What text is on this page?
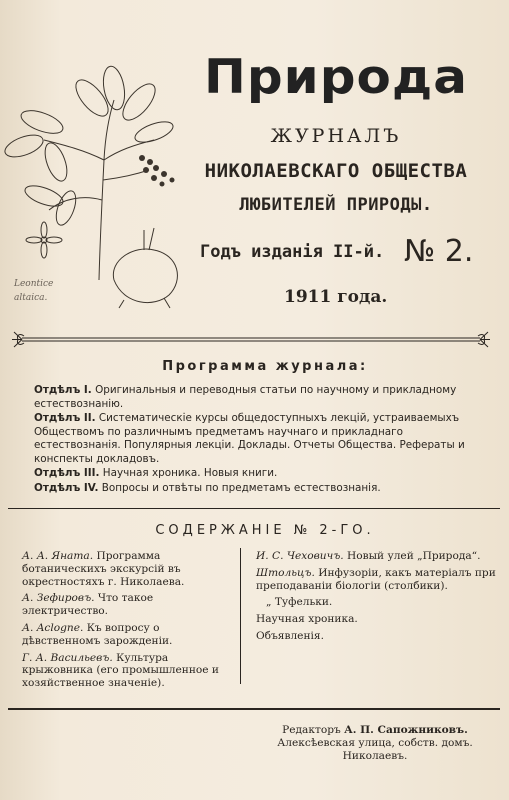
Leontice
altaica.
Природа
ЖУРНАЛЪ
НИКОЛАЕВСКАГО ОБЩЕСТВА
ЛЮБИТЕЛЕЙ ПРИРОДЫ.
Годъ изданія II-й. № 2.
1911 года.
Программа журнала:
Отдѣлъ I. Оригинальныя и переводныя статьи по научному и прикладному естествознанію.
Отдѣлъ II. Систематическіе курсы общедоступныхъ лекцій, устраиваемыхъ Обществомъ по различнымъ предметамъ научнаго и прикладнаго естествознанія. Популярныя лекціи. Доклады. Отчеты Общества. Рефераты и конспекты докладовъ.
Отдѣлъ III. Научная хроника. Новыя книги.
Отдѣлъ IV. Вопросы и отвѣты по предметамъ естествознанія.
СОДЕРЖАНІЕ № 2-ГО.
А. А. Яната. Программа ботаническихъ экскурсій въ окрестностяхъ г. Николаева.
А. Зефировъ. Что такое электричество.
А. Aclogne. Къ вопросу о дѣвственномъ зарожденіи.
Г. А. Васильевъ. Культура крыжовника (его промышленное и хозяйственное значеніе).
И. С. Чеховичъ. Новый улей „Природа“.
Штольцъ. Инфузоріи, какъ матеріалъ при преподаваніи біологіи (столбики).
„ Туфельки.
Научная хроника.
Объявленія.
Редакторъ А. П. Сапожниковъ.
Алексѣевская улица, собств. домъ.
Николаевъ.
